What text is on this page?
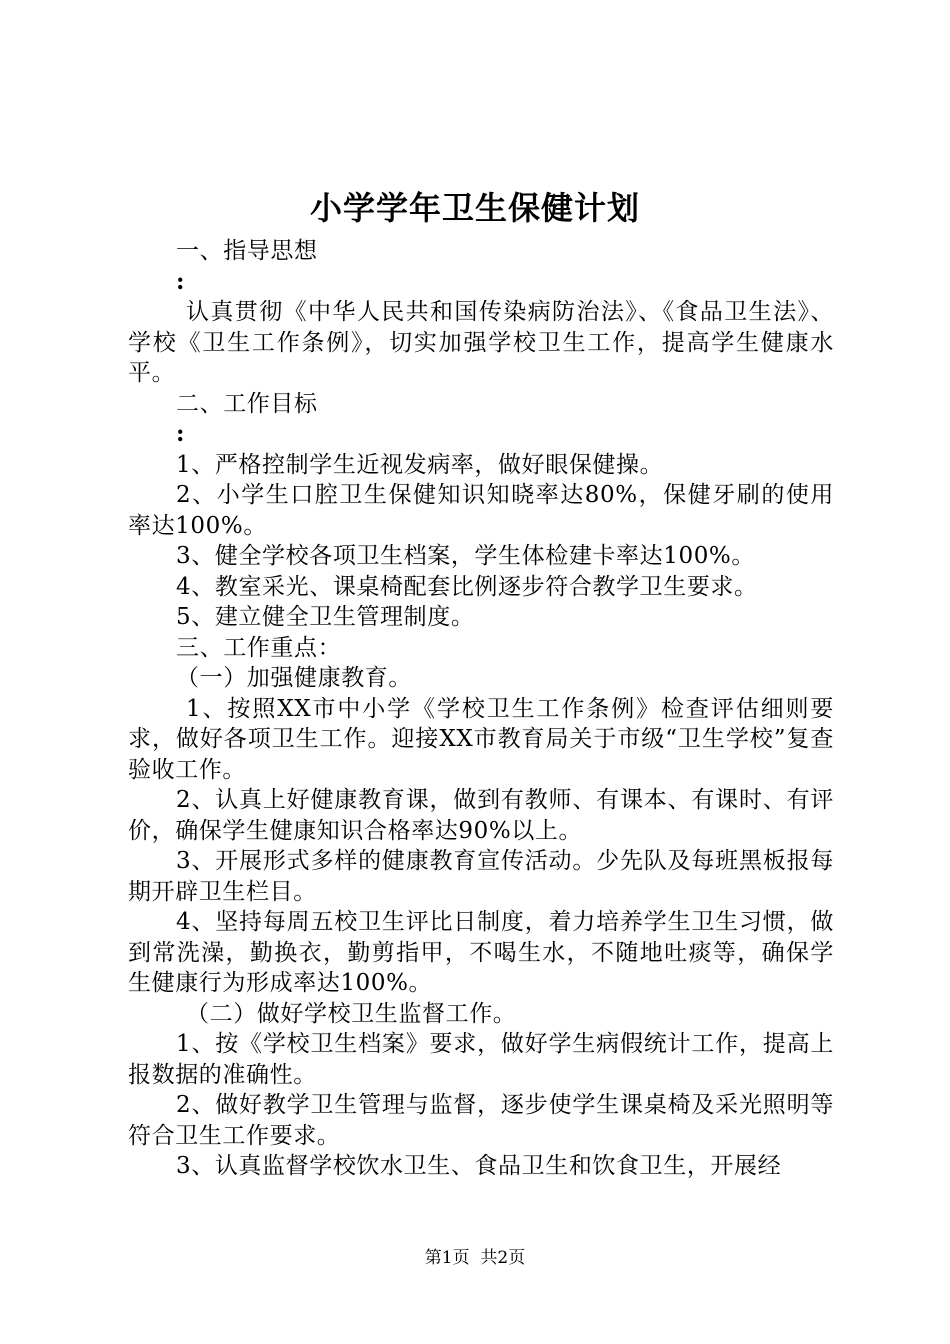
小学学年卫生保健计划

一、指导思想

:

认真贯彻《中华人民共和国传染病防治法》、《食品卫生法》、学校《卫生工作条例》，切实加强学校卫生工作，提高学生健康水平。

二、工作目标

:

1、严格控制学生近视发病率，做好眼保健操。

2、小学生口腔卫生保健知识知晓率达80%，保健牙刷的使用率达100%。

3、健全学校各项卫生档案，学生体检建卡率达100%。

4、教室采光、课桌椅配套比例逐步符合教学卫生要求。

5、建立健全卫生管理制度。

三、工作重点：

（一）加强健康教育。

1、按照XX市中小学《学校卫生工作条例》检查评估细则要求，做好各项卫生工作。迎接XX市教育局关于市级“卫生学校”复查验收工作。

2、认真上好健康教育课，做到有教师、有课本、有课时、有评价，确保学生健康知识合格率达90%以上。

3、开展形式多样的健康教育宣传活动。少先队及每班黑板报每期开辟卫生栏目。

4、坚持每周五校卫生评比日制度，着力培养学生卫生习惯，做到常洗澡，勤换衣，勤剪指甲，不喝生水，不随地吐痰等，确保学生健康行为形成率达100%。

（二）做好学校卫生监督工作。

1、按《学校卫生档案》要求，做好学生病假统计工作，提高上报数据的准确性。

2、做好教学卫生管理与监督，逐步使学生课桌椅及采光照明等符合卫生工作要求。

3、认真监督学校饮水卫生、食品卫生和饮食卫生，开展经

第1页 共2页
